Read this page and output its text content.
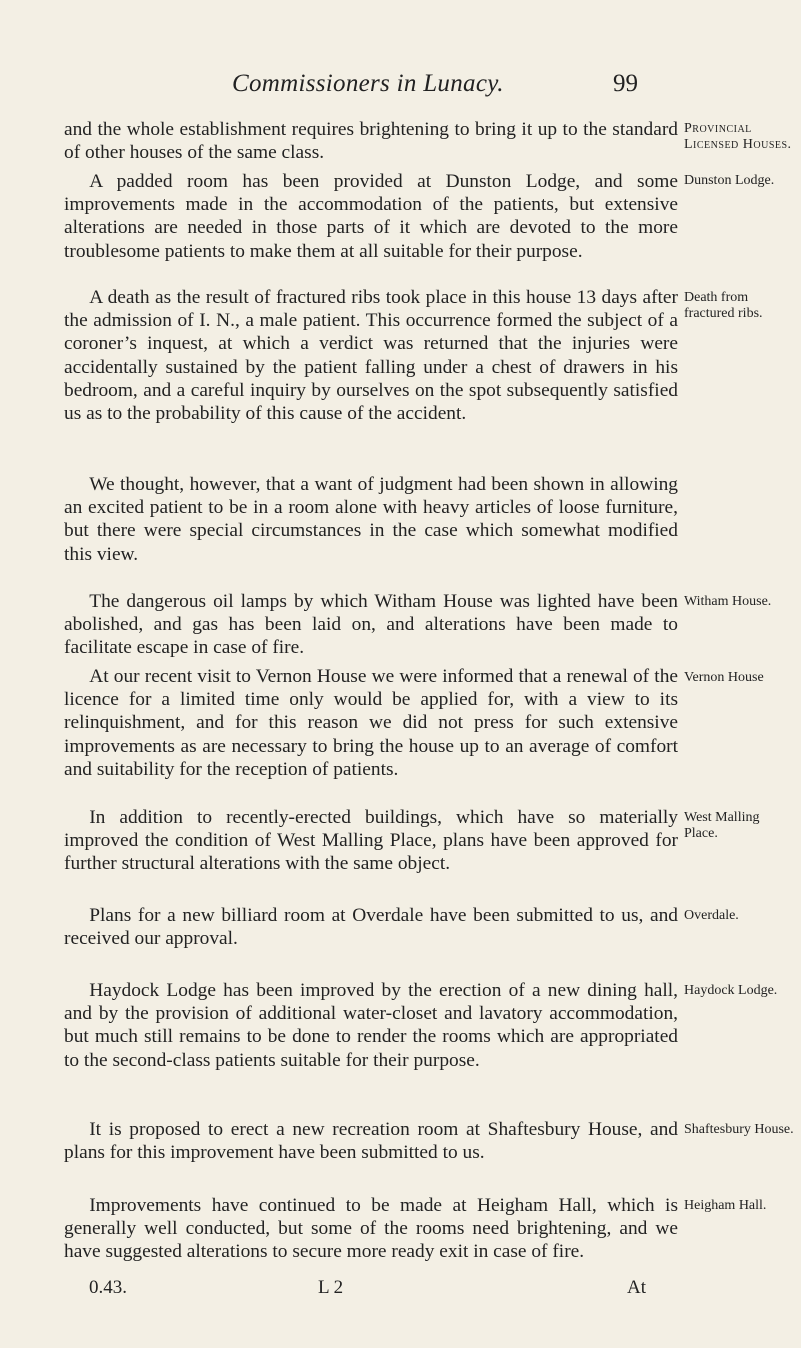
Commissioners in Lunacy.	99

and the whole establishment requires brightening to bring it up to the standard of other houses of the same class.

A padded room has been provided at Dunston Lodge, and some improvements made in the accommodation of the patients, but extensive alterations are needed in those parts of it which are devoted to the more troublesome patients to make them at all suitable for their purpose.

A death as the result of fractured ribs took place in this house 13 days after the admission of I. N., a male patient. This occurrence formed the subject of a coroner’s inquest, at which a verdict was returned that the injuries were accidentally sustained by the patient falling under a chest of drawers in his bedroom, and a careful inquiry by ourselves on the spot subsequently satisfied us as to the probability of this cause of the accident.

We thought, however, that a want of judgment had been shown in allowing an excited patient to be in a room alone with heavy articles of loose furniture, but there were special circumstances in the case which somewhat modified this view.

The dangerous oil lamps by which Witham House was lighted have been abolished, and gas has been laid on, and alterations have been made to facilitate escape in case of fire.

At our recent visit to Vernon House we were informed that a renewal of the licence for a limited time only would be applied for, with a view to its relinquishment, and for this reason we did not press for such extensive improvements as are necessary to bring the house up to an average of comfort and suitability for the reception of patients.

In addition to recently-erected buildings, which have so materially improved the condition of West Malling Place, plans have been approved for further structural alterations with the same object.

Plans for a new billiard room at Overdale have been submitted to us, and received our approval.

Haydock Lodge has been improved by the erection of a new dining hall, and by the provision of additional water-closet and lavatory accommodation, but much still remains to be done to render the rooms which are appropriated to the second-class patients suitable for their purpose.

It is proposed to erect a new recreation room at Shaftesbury House, and plans for this improvement have been submitted to us.

Improvements have continued to be made at Heigham Hall, which is generally well conducted, but some of the rooms need brightening, and we have suggested alterations to secure more ready exit in case of fire.

Provincial Licensed Houses.

Dunston Lodge.

Death from fractured ribs.

Witham House.

Vernon House

West Malling Place.

Overdale.

Haydock Lodge.

Shaftesbury House.

Heigham Hall.

0.43.	L 2	At
